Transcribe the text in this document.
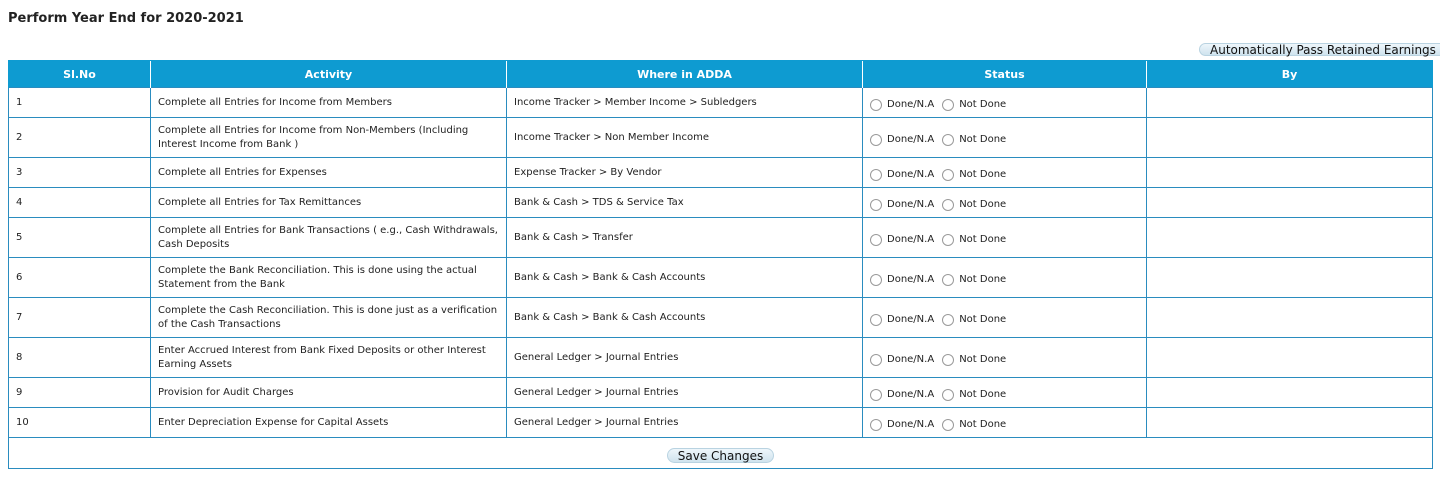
Perform Year End for 2020-2021
Automatically Pass Retained Earnings
Sl.No	Activity	Where in ADDA	Status	By
1	Complete all Entries for Income from Members	Income Tracker > Member Income > Subledgers	Done/N.A Not Done	

2	Complete all Entries for Income from Non-Members (Including Interest Income from Bank )	Income Tracker > Non Member Income	Done/N.A Not Done	

3	Complete all Entries for Expenses	Expense Tracker > By Vendor	Done/N.A Not Done	

4	Complete all Entries for Tax Remittances	Bank & Cash > TDS & Service Tax	Done/N.A Not Done	

5	Complete all Entries for Bank Transactions ( e.g., Cash Withdrawals, Cash Deposits	Bank & Cash > Transfer	Done/N.A Not Done	

6	Complete the Bank Reconciliation. This is done using the actual Statement from the Bank	Bank & Cash > Bank & Cash Accounts	Done/N.A Not Done	

7	Complete the Cash Reconciliation. This is done just as a verification of the Cash Transactions	Bank & Cash > Bank & Cash Accounts	Done/N.A Not Done	

8	Enter Accrued Interest from Bank Fixed Deposits or other Interest Earning Assets	General Ledger > Journal Entries	Done/N.A Not Done	

9	Provision for Audit Charges	General Ledger > Journal Entries	Done/N.A Not Done	

10	Enter Depreciation Expense for Capital Assets	General Ledger > Journal Entries	Done/N.A Not Done	

Save Changes				
